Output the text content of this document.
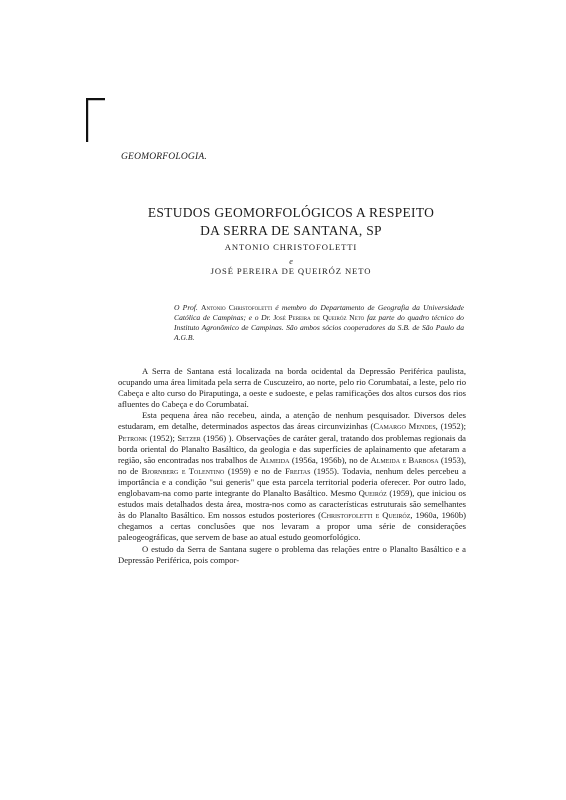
GEOMORFOLOGIA.
ESTUDOS GEOMORFOLÓGICOS A RESPEITO
DA SERRA DE SANTANA, SP
ANTONIO CHRISTOFOLETTI
e
JOSÉ PEREIRA DE QUEIRÓZ NETO
O Prof. Antonio Christofoletti é membro do Departamento de Geografia da Universidade Católica de Campinas; e o Dr. José Pereira de Queiróz Neto faz parte do quadro técnico do Instituto Agronômico de Campinas. São ambos sócios cooperadores da S.B. de São Paulo da A.G.B.

A Serra de Santana está localizada na borda ocidental da Depressão Periférica paulista, ocupando uma área limitada pela serra de Cuscuzeiro, ao norte, pelo rio Corumbataí, a leste, pelo rio Cabeça e alto curso do Piraputinga, a oeste e sudoeste, e pelas ramificações dos altos cursos dos rios afluentes do Cabeça e do Corumbataí.

Esta pequena área não recebeu, ainda, a atenção de nenhum pesquisador. Diversos deles estudaram, em detalhe, determinados aspectos das áreas circunvizinhas (Camargo Mendes, (1952); Petronk (1952); Setzer (1956) ). Observações de caráter geral, tratando dos problemas regionais da borda oriental do Planalto Basáltico, da geologia e das superfícies de aplainamento que afetaram a região, são encontradas nos trabalhos de Almeida (1956a, 1956b), no de Almeida e Barbosa (1953), no de Bjornberg e Tolentino (1959) e no de Freitas (1955). Todavia, nenhum deles percebeu a importância e a condição "sui generis" que esta parcela territorial poderia oferecer. Por outro lado, englobavam-na como parte integrante do Planalto Basáltico. Mesmo Queiróz (1959), que iniciou os estudos mais detalhados desta área, mostra-nos como as características estruturais são semelhantes às do Planalto Basáltico. Em nossos estudos posteriores (Christofoletti e Queiróz, 1960a, 1960b) chegamos a certas conclusões que nos levaram a propor uma série de considerações paleogeográficas, que servem de base ao atual estudo geomorfológico.

O estudo da Serra de Santana sugere o problema das relações entre o Planalto Basáltico e a Depressão Periférica, pois compor-
